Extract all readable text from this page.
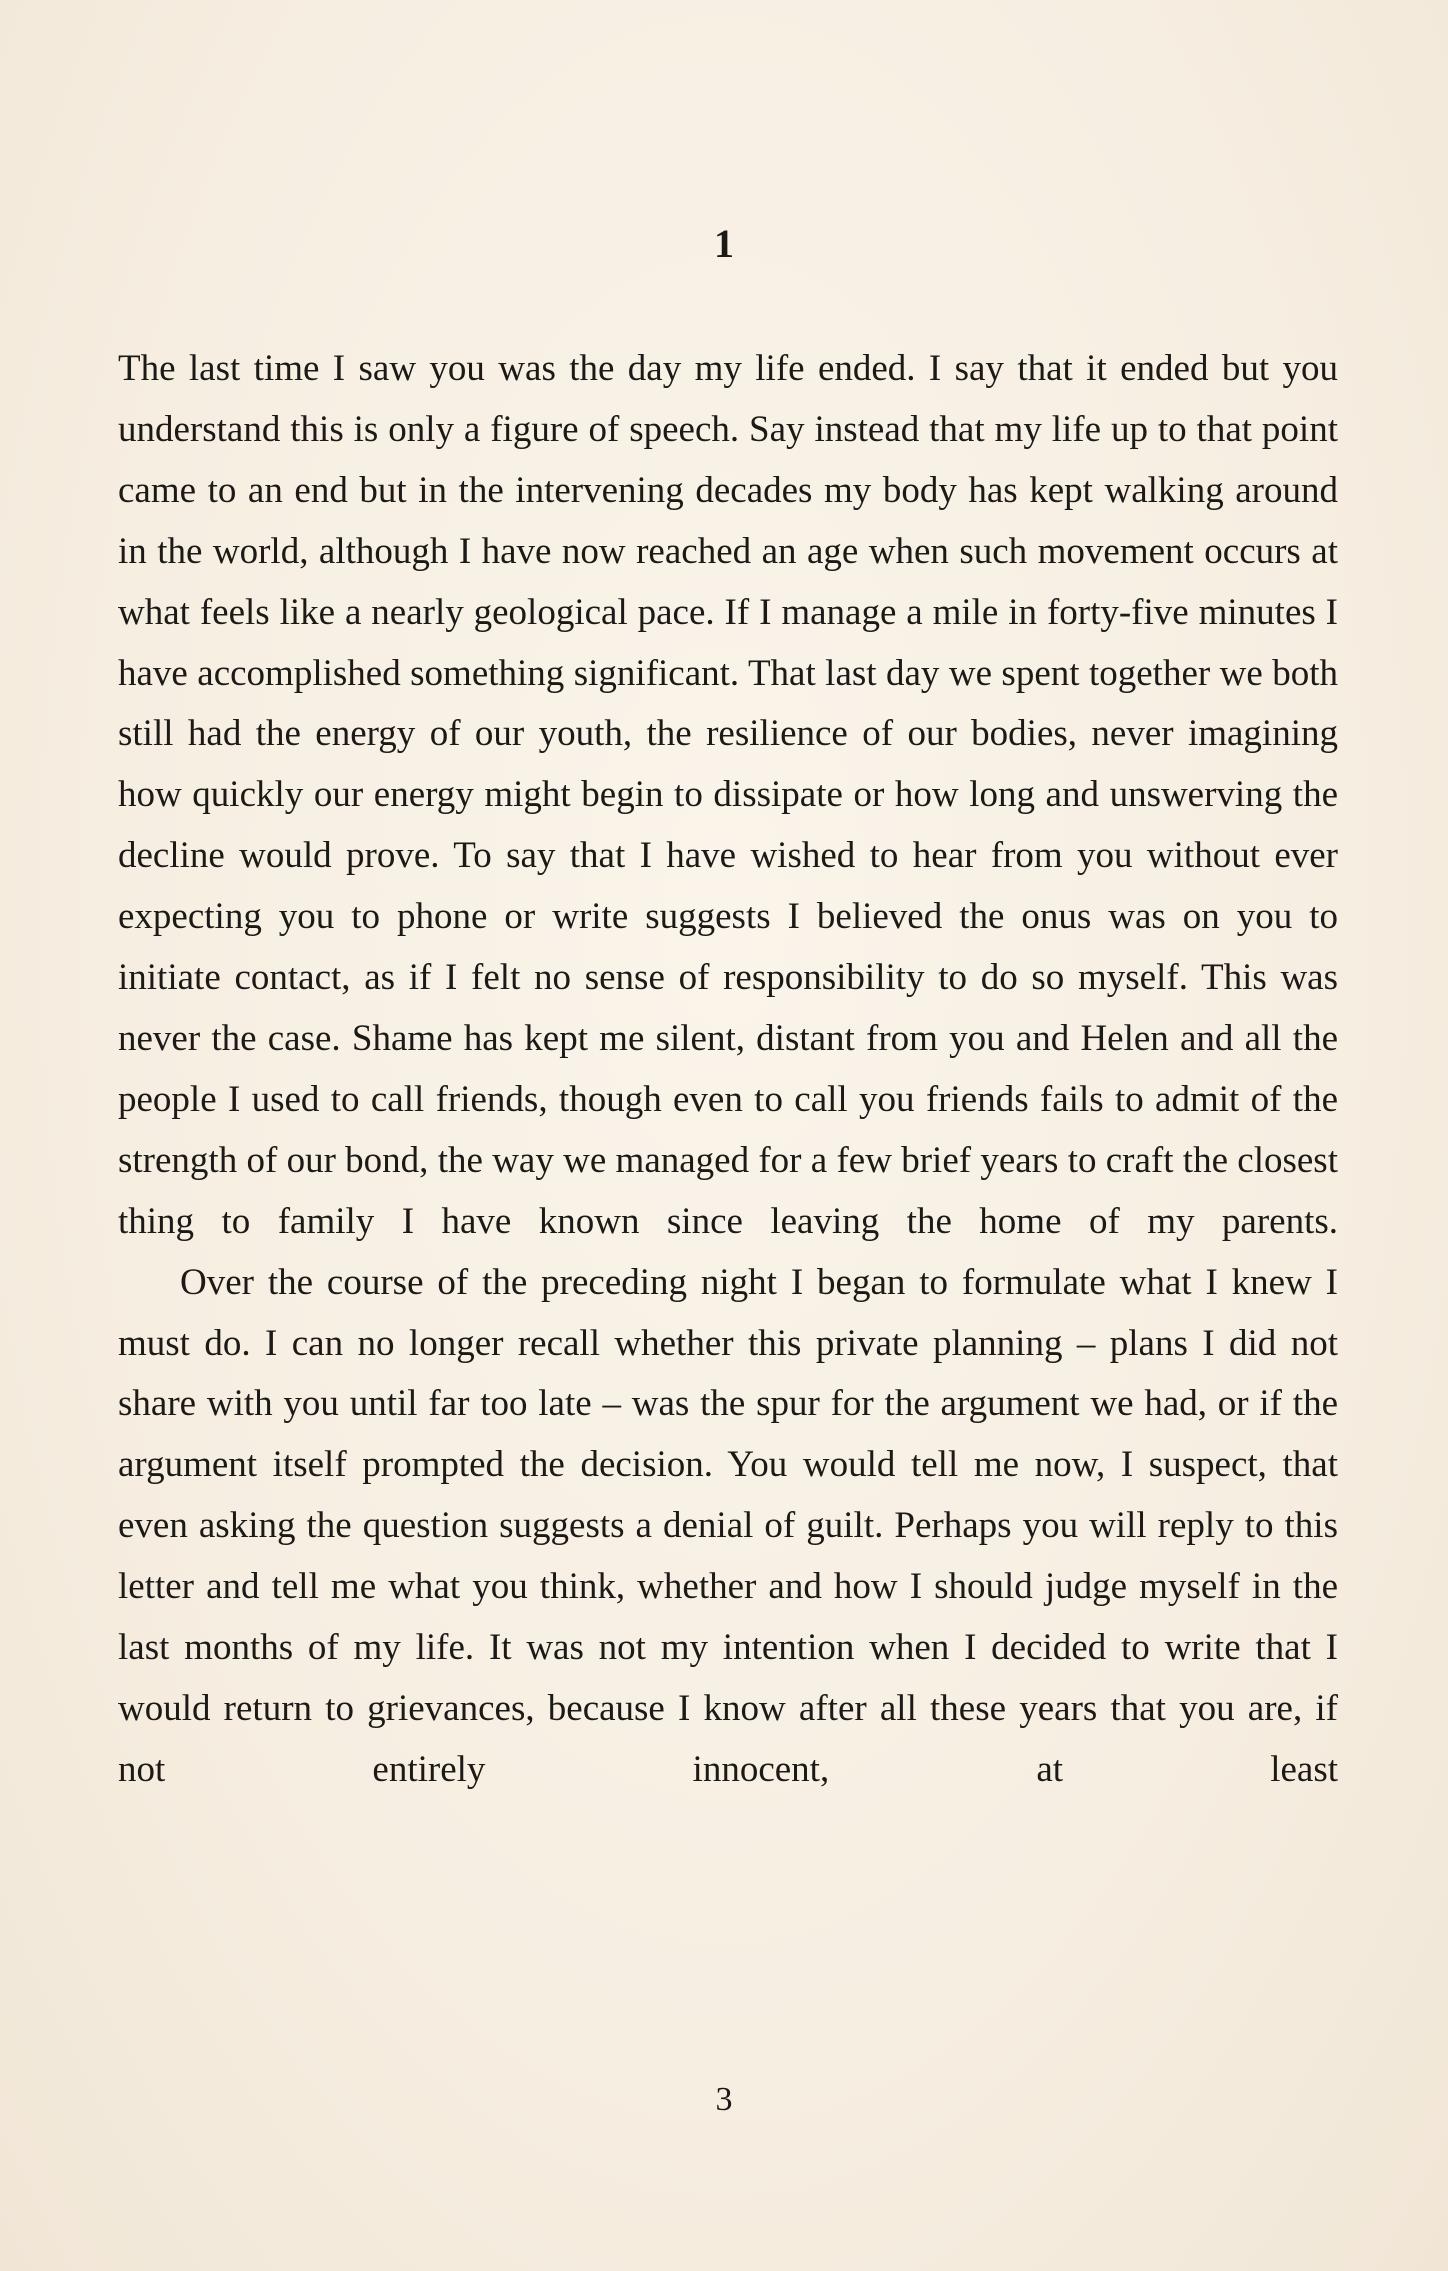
1

The last time I saw you was the day my life ended. I say that it ended but you understand this is only a figure of speech. Say instead that my life up to that point came to an end but in the intervening decades my body has kept walking around in the world, although I have now reached an age when such movement occurs at what feels like a nearly geological pace. If I manage a mile in forty-five minutes I have accomplished something significant. That last day we spent together we both still had the energy of our youth, the resilience of our bodies, never imagining how quickly our energy might begin to dissipate or how long and unswerving the decline would prove. To say that I have wished to hear from you without ever expecting you to phone or write suggests I believed the onus was on you to initiate contact, as if I felt no sense of responsibility to do so myself. This was never the case. Shame has kept me silent, distant from you and Helen and all the people I used to call friends, though even to call you friends fails to admit of the strength of our bond, the way we managed for a few brief years to craft the closest thing to family I have known since leaving the home of my parents.

Over the course of the preceding night I began to formulate what I knew I must do. I can no longer recall whether this private planning – plans I did not share with you until far too late – was the spur for the argument we had, or if the argument itself prompted the decision. You would tell me now, I suspect, that even asking the question suggests a denial of guilt. Perhaps you will reply to this letter and tell me what you think, whether and how I should judge myself in the last months of my life. It was not my intention when I decided to write that I would return to grievances, because I know after all these years that you are, if not entirely innocent, at least

3
